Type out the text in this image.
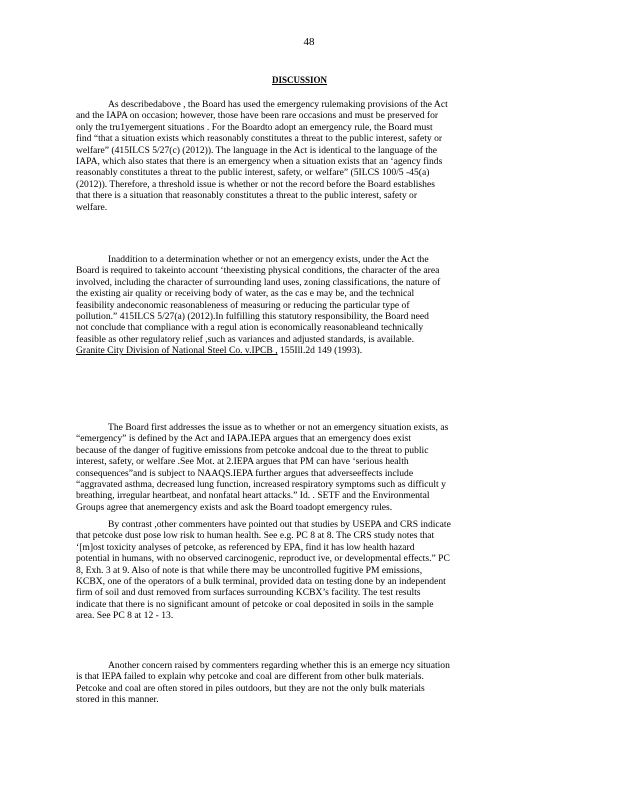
48
DISCUSSION
As describedabove , the Board has used the emergency rulemaking provisions of the Act
and the IAPA on occasion; however, those have been rare occasions and must be preserved for
only the tru1yemergent situations . For the Boardto adopt an emergency rule, the Board must
find “that a situation exists which reasonably constitutes a threat to the public interest, safety or
welfare” (415ILCS 5/27(c) (2012)). The language in the Act is identical to the language of the
IAPA, which also states that there is an emergency when a situation exists that an ‘agency finds
reasonably constitutes a threat to the public interest, safety, or welfare” (5ILCS 100/5 -45(a)
(2012)). Therefore, a threshold issue is whether or not the record before the Board establishes
that there is a situation that reasonably constitutes a threat to the public interest, safety or
welfare.
Inaddition to a determination whether or not an emergency exists, under the Act the
Board is required to takeinto account ‘theexisting physical conditions, the character of the area
involved, including the character of surrounding land uses, zoning classifications, the nature of
the existing air quality or receiving body of water, as the cas e may be, and the technical
feasibility andeconomic reasonableness of measuring or reducing the particular type of
pollution.” 415ILCS 5/27(a) (2012).In fulfilling this statutory responsibility, the Board need
not conclude that compliance with a regul ation is economically reasonableand technically
feasible as other regulatory relief ,such as variances and adjusted standards, is available.
Granite City Division of National Steel Co. v.IPCB , 155Ill.2d 149 (1993).
The Board first addresses the issue as to whether or not an emergency situation exists, as
“emergency” is defined by the Act and IAPA.IEPA argues that an emergency does exist
because of the danger of fugitive emissions from petcoke andcoal due to the threat to public
interest, safety, or welfare .See Mot. at 2.IEPA argues that PM can have ‘serious health
consequences”and is subject to NAAQS.IEPA further argues that adverseeffects include
“aggravated asthma, decreased lung function, increased respiratory symptoms such as difficult y
breathing, irregular heartbeat, and nonfatal heart attacks.” Id. . SETF and the Environmental
Groups agree that anemergency exists and ask the Board toadopt emergency rules.
By contrast ,other commenters have pointed out that studies by USEPA and CRS indicate
that petcoke dust pose low risk to human health. See e.g. PC 8 at 8. The CRS study notes that
‘[m]ost toxicity analyses of petcoke, as referenced by EPA, find it has low health hazard
potential in humans, with no observed carcinogenic, reproduct ive, or developmental effects.” PC
8, Exh. 3 at 9. Also of note is that while there may be uncontrolled fugitive PM emissions,
KCBX, one of the operators of a bulk terminal, provided data on testing done by an independent
firm of soil and dust removed from surfaces surrounding KCBX’s facility. The test results
indicate that there is no significant amount of petcoke or coal deposited in soils in the sample
area. See PC 8 at 12 - 13.
Another concern raised by commenters regarding whether this is an emerge ncy situation
is that IEPA failed to explain why petcoke and coal are different from other bulk materials.
Petcoke and coal are often stored in piles outdoors, but they are not the only bulk materials
stored in this manner.
